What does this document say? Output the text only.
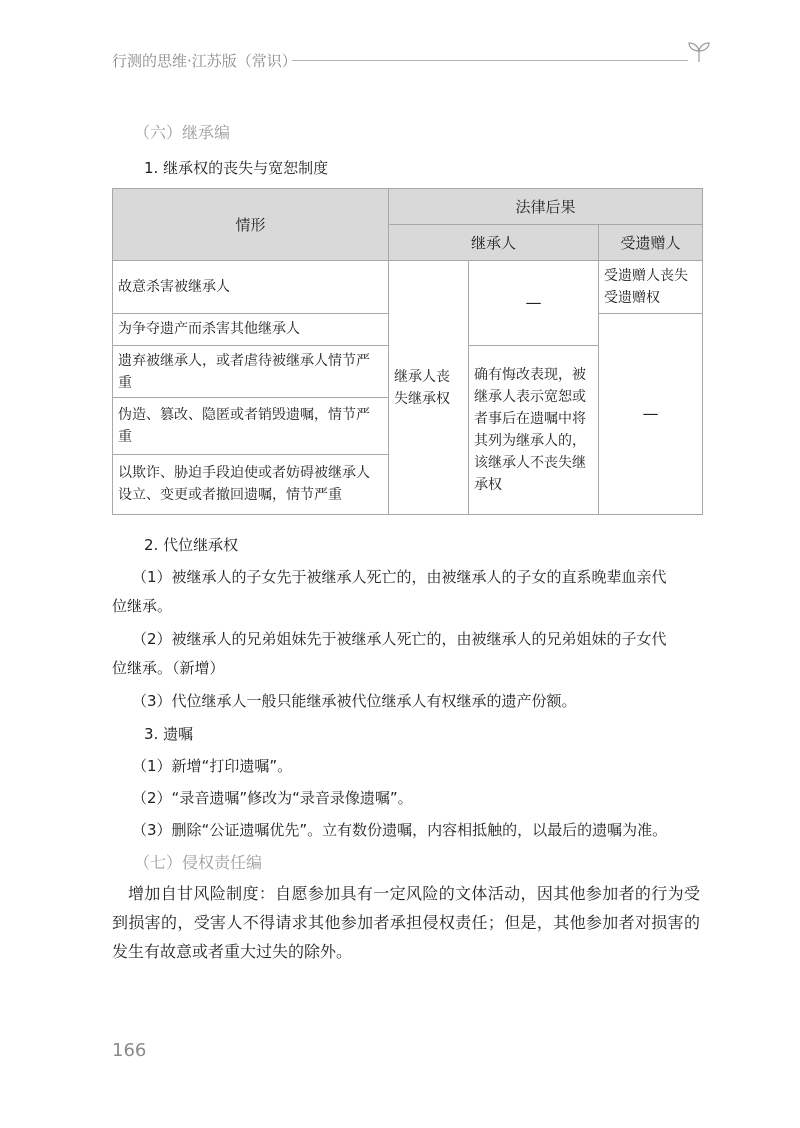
行测的思维·江苏版（常识）
（六）继承编
1. 继承权的丧失与宽恕制度
情形	法律后果		
	继承人		受遗赠人
故意杀害被继承人	继承人丧失继承权	—	受遗赠人丧失受遗赠权
为争夺遗产而杀害其他继承人			—
遗弃被继承人，或者虐待被继承人情节严重		确有悔改表现，被继承人表示宽恕或者事后在遗嘱中将其列为继承人的，该继承人不丧失继承权	
伪造、篡改、隐匿或者销毁遗嘱，情节严重			
以欺诈、胁迫手段迫使或者妨碍被继承人设立、变更或者撤回遗嘱，情节严重			
2. 代位继承权
（1）被继承人的子女先于被继承人死亡的，由被继承人的子女的直系晚辈血亲代
位继承。
（2）被继承人的兄弟姐妹先于被继承人死亡的，由被继承人的兄弟姐妹的子女代
位继承。（新增）
（3）代位继承人一般只能继承被代位继承人有权继承的遗产份额。
3. 遗嘱
（1）新增“打印遗嘱”。
（2）“录音遗嘱”修改为“录音录像遗嘱”。
（3）删除“公证遗嘱优先”。立有数份遗嘱，内容相抵触的，以最后的遗嘱为准。
（七）侵权责任编
增加自甘风险制度：自愿参加具有一定风险的文体活动，因其他参加者的行为受到损害的，受害人不得请求其他参加者承担侵权责任；但是，其他参加者对损害的发生有故意或者重大过失的除外。
166
